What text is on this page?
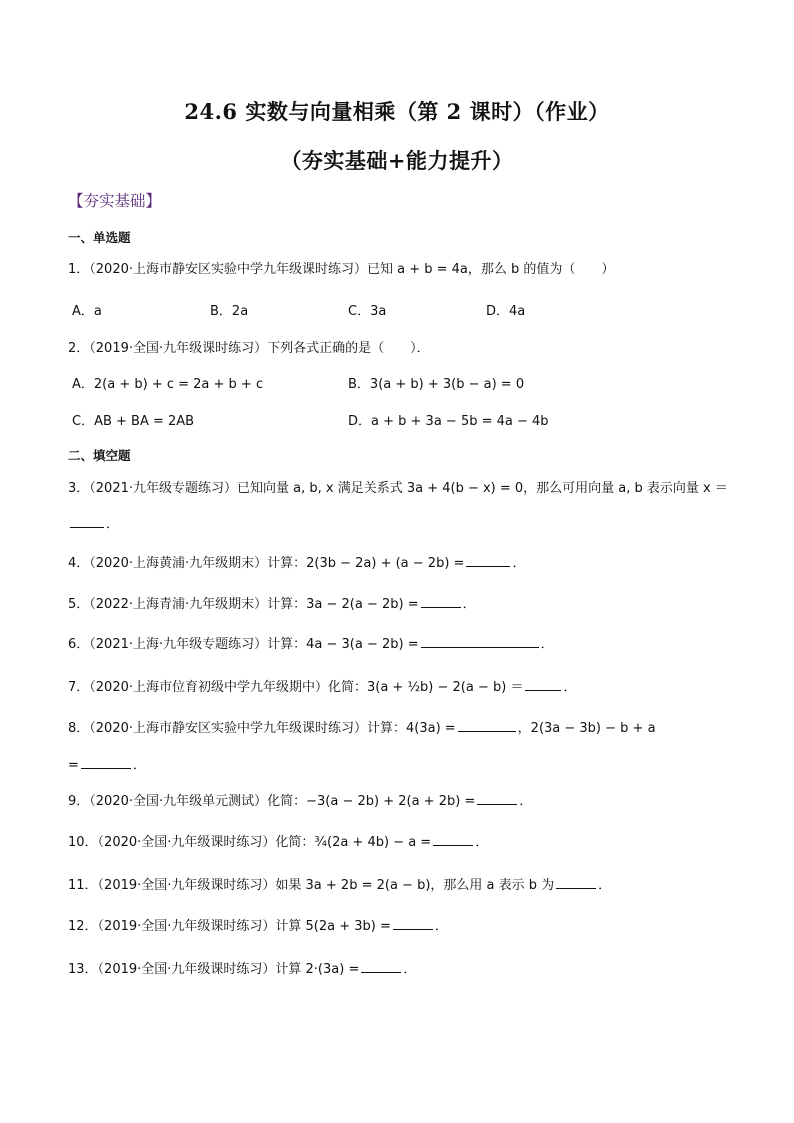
24.6 实数与向量相乘（第 2 课时）（作业）
（夯实基础+能力提升）
【夯实基础】
一、单选题
1．（2020·上海市静安区实验中学九年级课时练习）已知 a + b = 4a，那么 b 的值为（　　）
A．a	B．2a	C．3a	D．4a
2．（2019·全国·九年级课时练习）下列各式正确的是（　　）．
A．2(a + b) + c = 2a + b + c	B．3(a + b) + 3(b − a) = 0
C．AB + BA = 2AB	D．a + b + 3a − 5b = 4a − 4b
二、填空题
3．（2021·九年级专题练习）已知向量 a, b, x 满足关系式 3a + 4(b − x) = 0，那么可用向量 a, b 表示向量 x ＝
．
4．（2020·上海黄浦·九年级期末）计算：2(3b − 2a) + (a − 2b) =	．
5．（2022·上海青浦·九年级期末）计算：3a − 2(a − 2b) =	．
6．（2021·上海·九年级专题练习）计算：4a − 3(a − 2b) =	．
7．（2020·上海市位育初级中学九年级期中）化简：3(a + ½b) − 2(a − b) ＝	．
8．（2020·上海市静安区实验中学九年级课时练习）计算：4(3a) =	，2(3a − 3b) − b + a
=	．
9．（2020·全国·九年级单元测试）化简：−3(a − 2b) + 2(a + 2b) =	．
10．（2020·全国·九年级课时练习）化简：¾(2a + 4b) − a =	．
11．（2019·全国·九年级课时练习）如果 3a + 2b = 2(a − b)，那么用 a 表示 b 为	．
12．（2019·全国·九年级课时练习）计算 5(2a + 3b) =	．
13．（2019·全国·九年级课时练习）计算 2·(3a) =	．
